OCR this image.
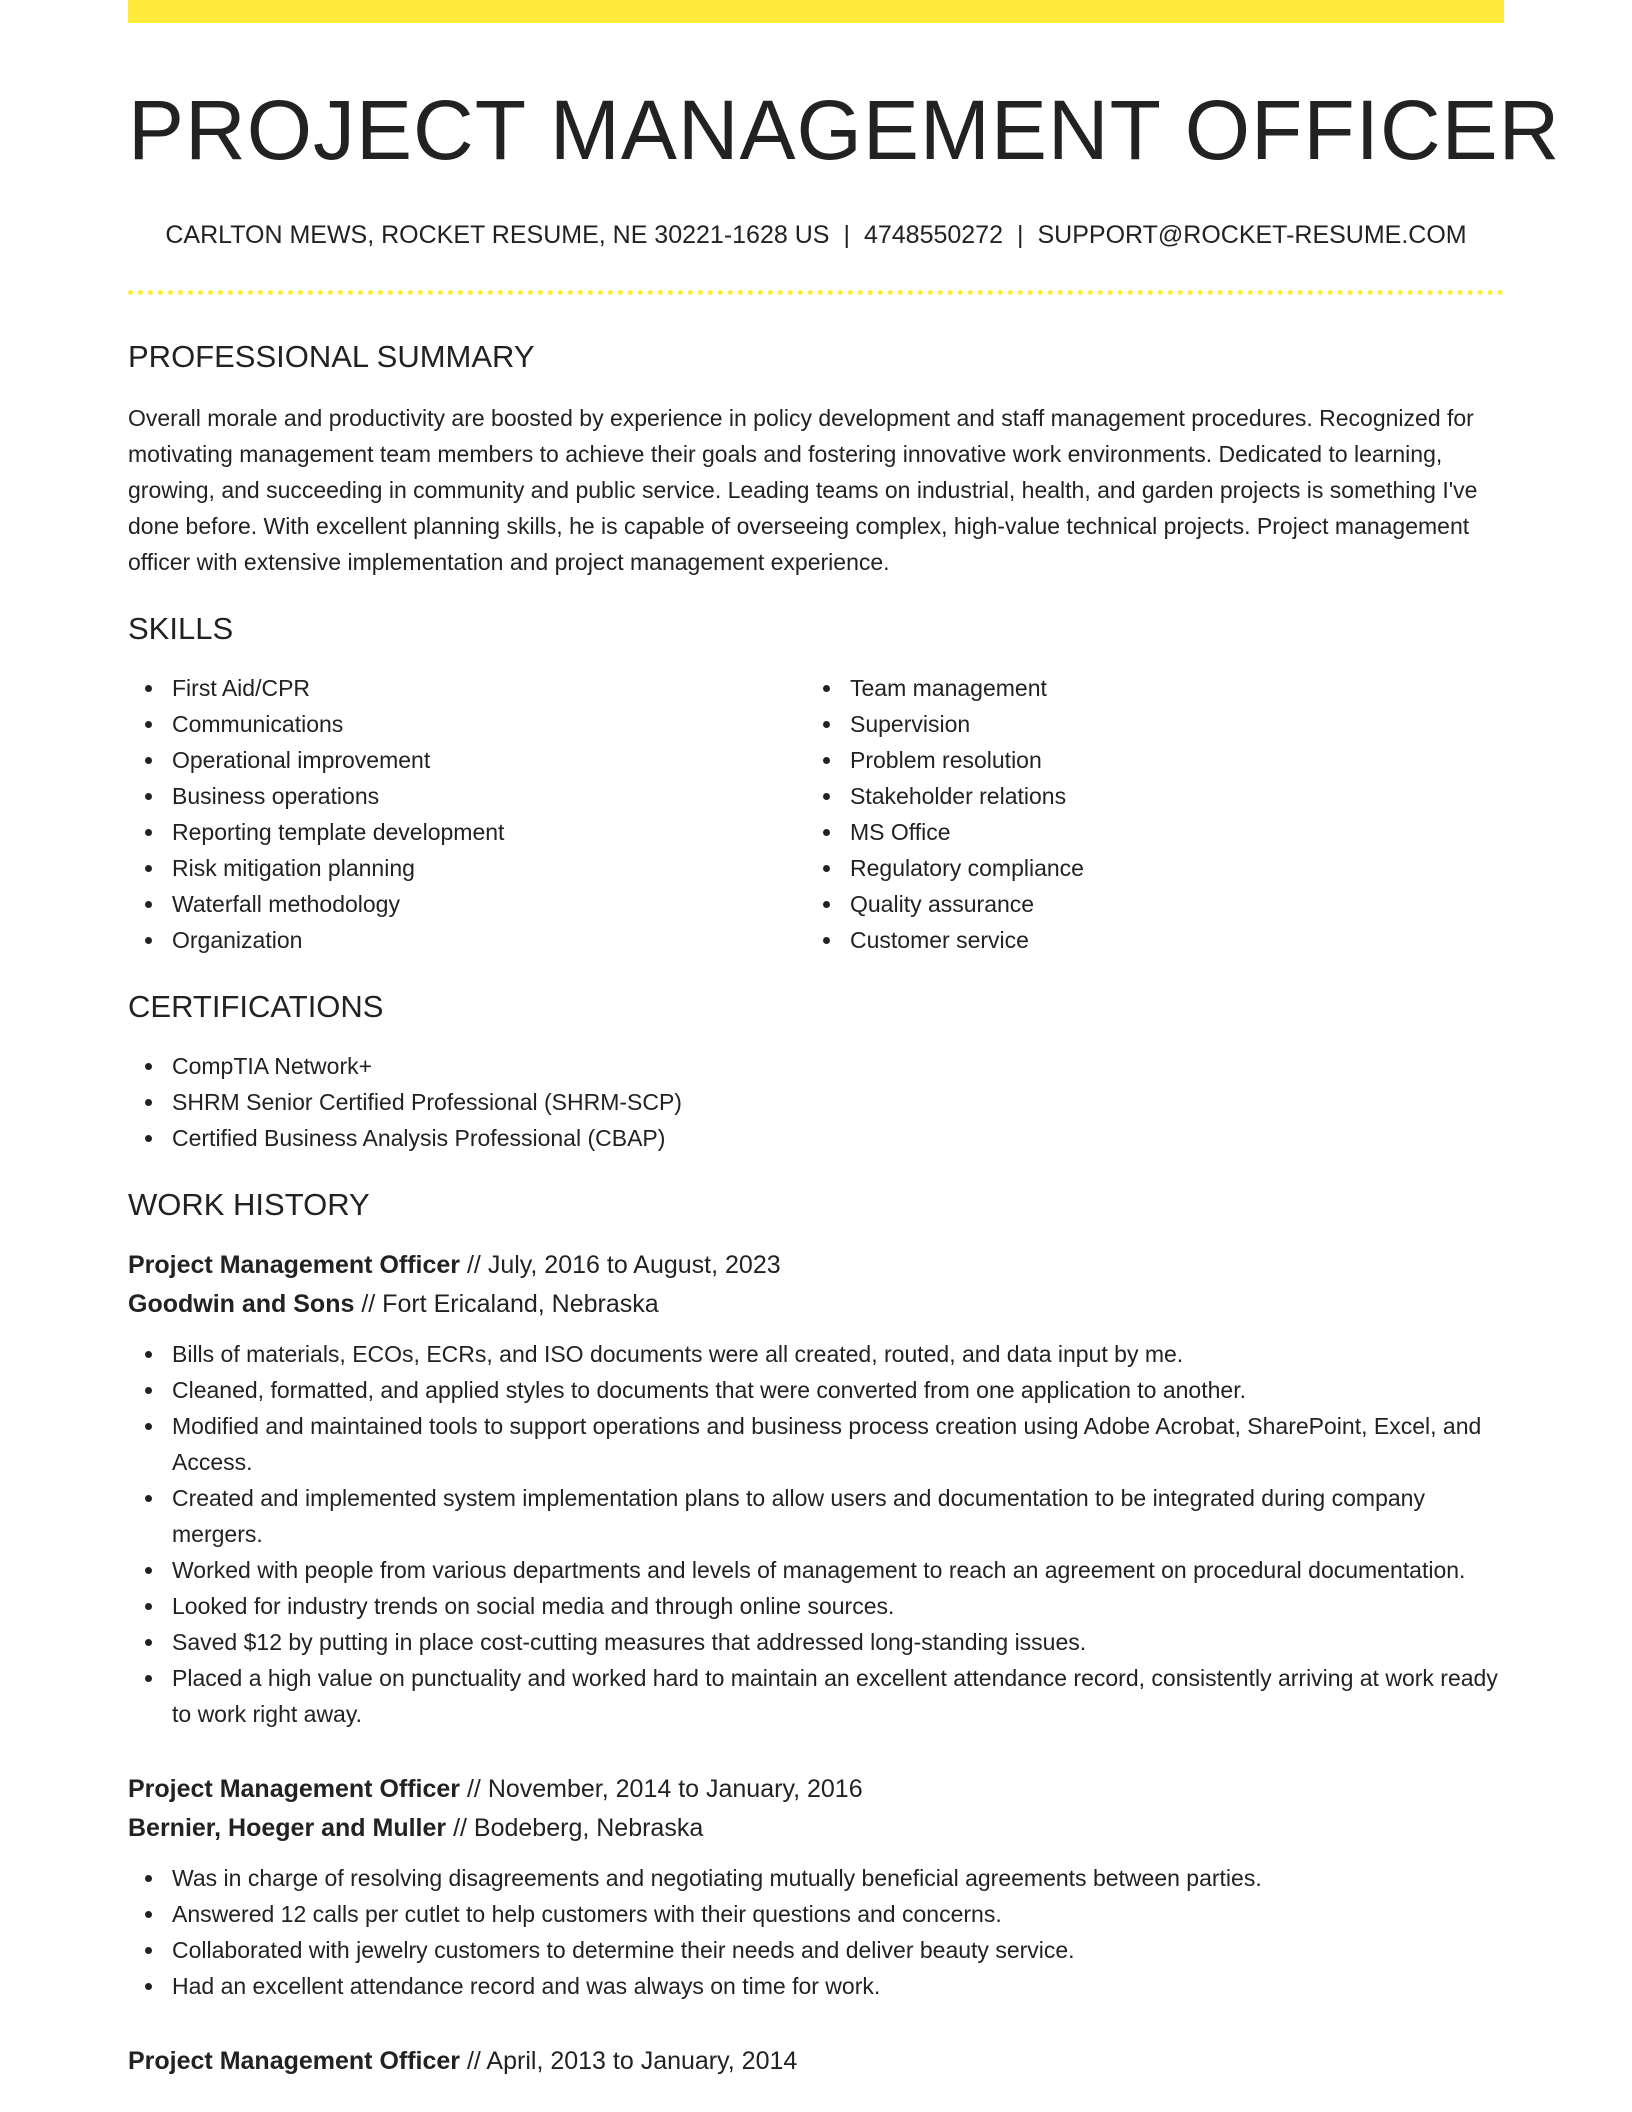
PROJECT MANAGEMENT OFFICER
CARLTON MEWS, ROCKET RESUME, NE 30221-1628 US | 4748550272 | SUPPORT@ROCKET-RESUME.COM
PROFESSIONAL SUMMARY

Overall morale and productivity are boosted by experience in policy development and staff management procedures. Recognized for motivating management team members to achieve their goals and fostering innovative work environments. Dedicated to learning, growing, and succeeding in community and public service. Leading teams on industrial, health, and garden projects is something I've done before. With excellent planning skills, he is capable of overseeing complex, high-value technical projects. Project management officer with extensive implementation and project management experience.

SKILLS
First Aid/CPR
Communications
Operational improvement
Business operations
Reporting template development
Risk mitigation planning
Waterfall methodology
Organization
Team management
Supervision
Problem resolution
Stakeholder relations
MS Office
Regulatory compliance
Quality assurance
Customer service
CERTIFICATIONS
CompTIA Network+
SHRM Senior Certified Professional (SHRM-SCP)
Certified Business Analysis Professional (CBAP)
WORK HISTORY
Project Management Officer // July, 2016 to August, 2023
Goodwin and Sons // Fort Ericaland, Nebraska
Bills of materials, ECOs, ECRs, and ISO documents were all created, routed, and data input by me.
Cleaned, formatted, and applied styles to documents that were converted from one application to another.
Modified and maintained tools to support operations and business process creation using Adobe Acrobat, SharePoint, Excel, and Access.
Created and implemented system implementation plans to allow users and documentation to be integrated during company mergers.
Worked with people from various departments and levels of management to reach an agreement on procedural documentation.
Looked for industry trends on social media and through online sources.
Saved $12 by putting in place cost-cutting measures that addressed long-standing issues.
Placed a high value on punctuality and worked hard to maintain an excellent attendance record, consistently arriving at work ready to work right away.
Project Management Officer // November, 2014 to January, 2016
Bernier, Hoeger and Muller // Bodeberg, Nebraska
Was in charge of resolving disagreements and negotiating mutually beneficial agreements between parties.
Answered 12 calls per cutlet to help customers with their questions and concerns.
Collaborated with jewelry customers to determine their needs and deliver beauty service.
Had an excellent attendance record and was always on time for work.
Project Management Officer // April, 2013 to January, 2014
